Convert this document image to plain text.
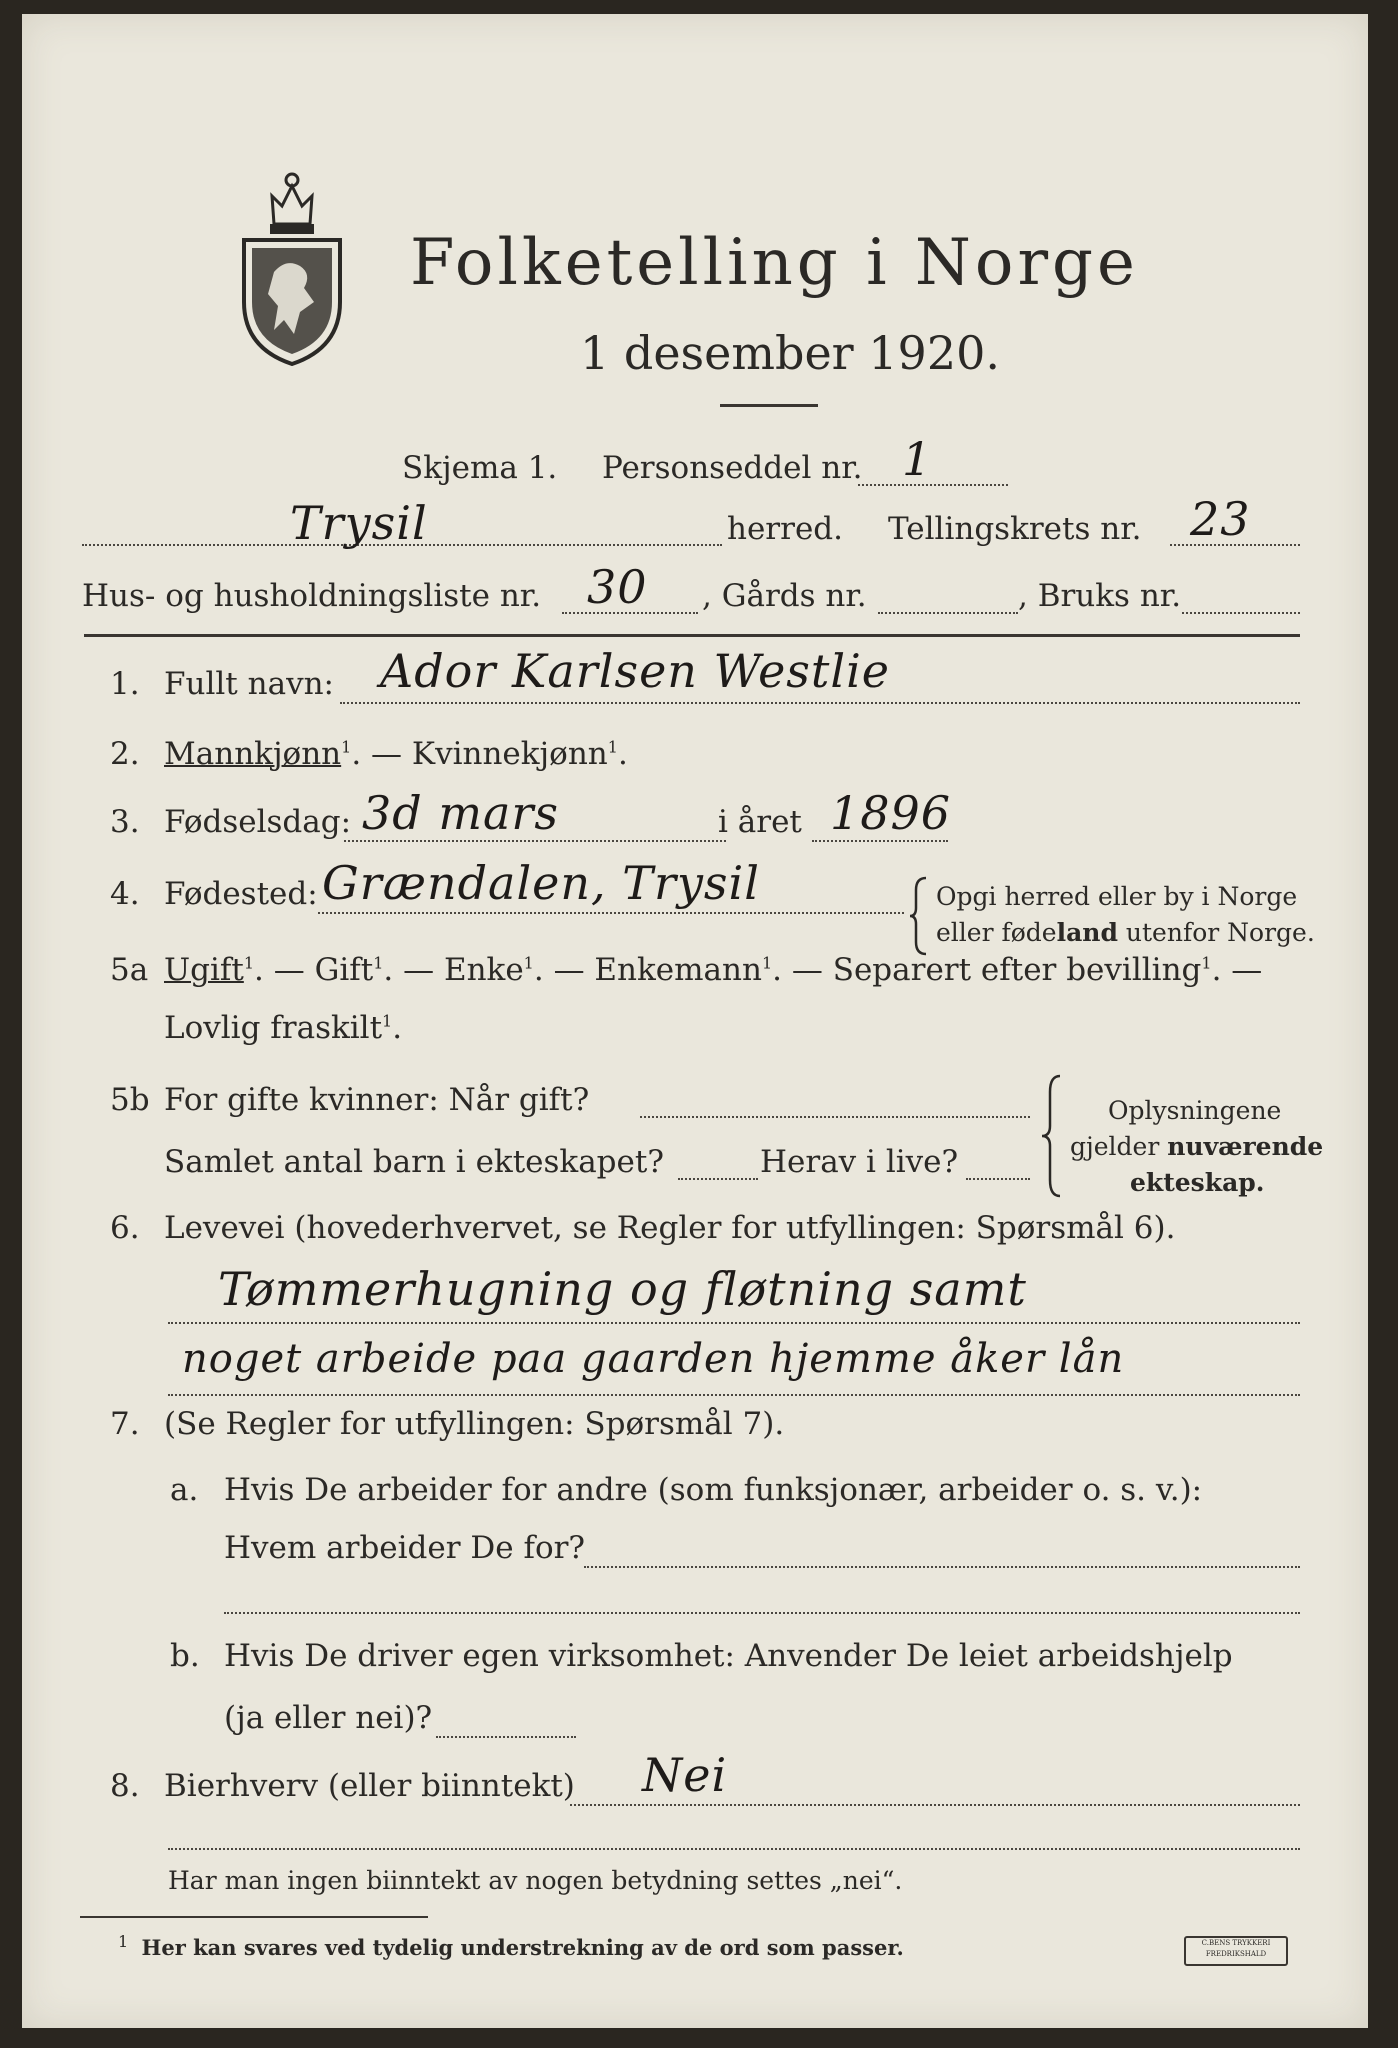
Folketelling i Norge
1 desember 1920.
Skjema 1. Personseddel nr. 1
Trysil	herred. Tellingskrets nr. 23
Hus- og husholdningsliste nr. 30 , Gårds nr.	, Bruks nr.
1. Fullt navn: Ador Karlsen Westlie
2. Mannkjønn$^1$. — Kvinnekjønn$^1$.
3. Fødselsdag: 3d mars	i året 1896
4. Fødested: Grændalen, Trysil	Opgi herred eller by i Norge
eller fødeland utenfor Norge.
5a Ugift$^1$. — Gift$^1$. — Enke$^1$. — Enkemann$^1$. — Separert efter bevilling$^1$. —
Lovlig fraskilt$^1$.
5b For gifte kvinner: Når gift?
Samlet antal barn i ekteskapet?	Herav i live?
Oplysningene
gjelder nuværende
ekteskap.
6. Levevei (hovederhvervet, se Regler for utfyllingen: Spørsmål 6).
Tømmerhugning og fløtning samt
noget arbeide paa gaarden hjemme åker lån
7. (Se Regler for utfyllingen: Spørsmål 7).
a. Hvis De arbeider for andre (som funksjonær, arbeider o. s. v.):
Hvem arbeider De for?
b. Hvis De driver egen virksomhet: Anvender De leiet arbeidshjelp
(ja eller nei)?
8. Bierhverv (eller biinntekt) Nei
Har man ingen biinntekt av nogen betydning settes „nei“.
$^1$ Her kan svares ved tydelig understrekning av de ord som passer.	C.BENS TRYKKERI FREDRIKSHALD
